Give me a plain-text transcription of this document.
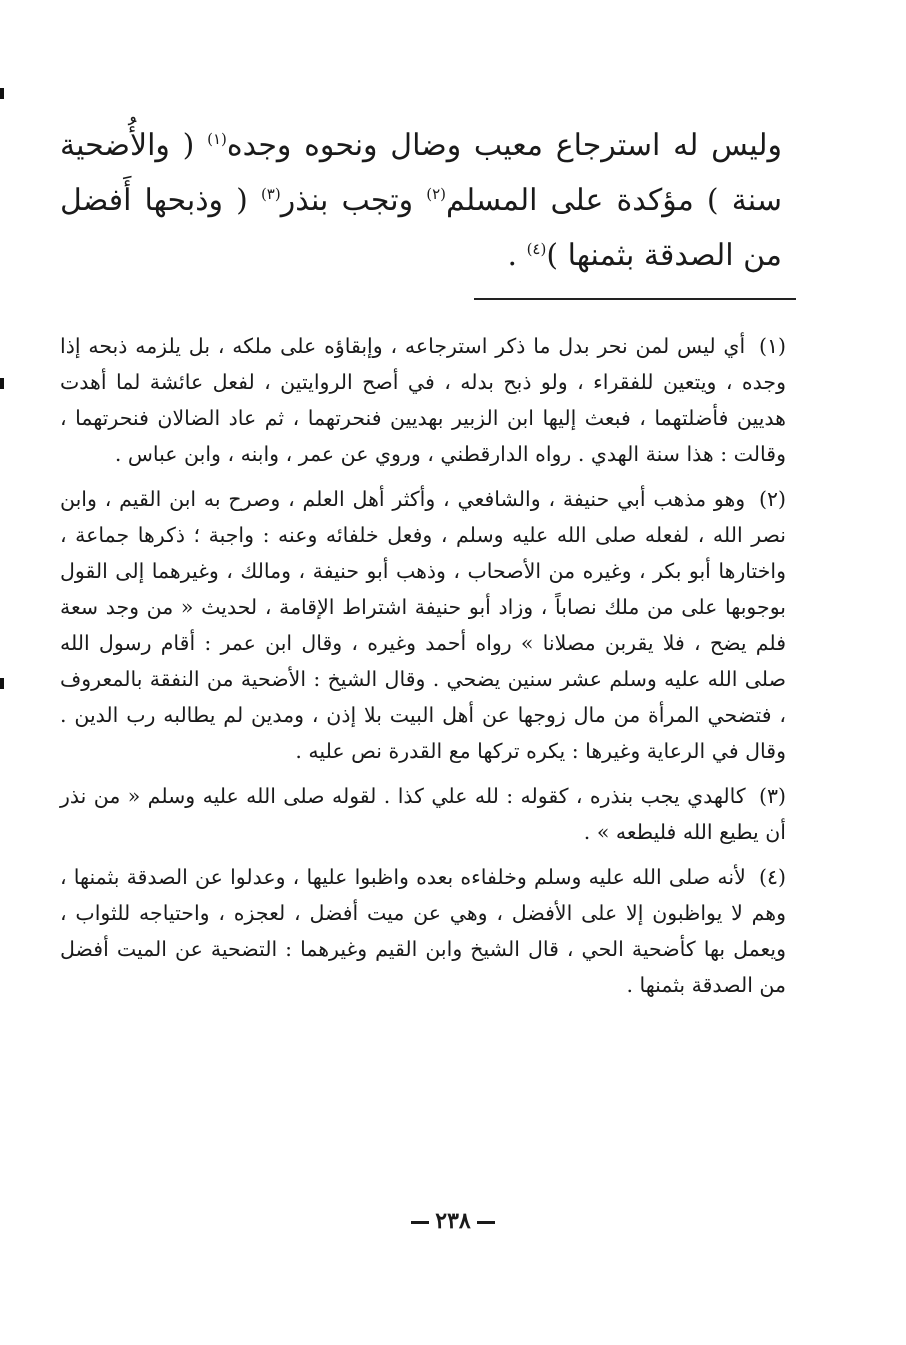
وليس له استرجاع معيب وضال ونحوه وجده$^{(١)}$ ( والأُضحية سنة ) مؤكدة على المسلم$^{(٢)}$ وتجب بنذر$^{(٣)}$ ( وذبحها أَفضل من الصدقة بثمنها )$^{(٤)}$ .

(١) أي ليس لمن نحر بدل ما ذكر استرجاعه ، وإبقاؤه على ملكه ، بل يلزمه ذبحه إذا وجده ، ويتعين للفقراء ، ولو ذبح بدله ، في أصح الروايتين ، لفعل عائشة لما أهدت هديين فأضلتهما ، فبعث إليها ابن الزبير بهديين فنحرتهما ، ثم عاد الضالان فنحرتهما ، وقالت : هذا سنة الهدي . رواه الدارقطني ، وروي عن عمر ، وابنه ، وابن عباس .

(٢) وهو مذهب أبي حنيفة ، والشافعي ، وأكثر أهل العلم ، وصرح به ابن القيم ، وابن نصر الله ، لفعله صلى الله عليه وسلم ، وفعل خلفائه وعنه : واجبة ؛ ذكرها جماعة ، واختارها أبو بكر ، وغيره من الأصحاب ، وذهب أبو حنيفة ، ومالك ، وغيرهما إلى القول بوجوبها على من ملك نصاباً ، وزاد أبو حنيفة اشتراط الإقامة ، لحديث « من وجد سعة فلم يضح ، فلا يقربن مصلانا » رواه أحمد وغيره ، وقال ابن عمر : أقام رسول الله صلى الله عليه وسلم عشر سنين يضحي . وقال الشيخ : الأضحية من النفقة بالمعروف ، فتضحي المرأة من مال زوجها عن أهل البيت بلا إذن ، ومدين لم يطالبه رب الدين . وقال في الرعاية وغيرها : يكره تركها مع القدرة نص عليه .

(٣) كالهدي يجب بنذره ، كقوله : لله علي كذا . لقوله صلى الله عليه وسلم « من نذر أن يطيع الله فليطعه » .

(٤) لأنه صلى الله عليه وسلم وخلفاءه بعده واظبوا عليها ، وعدلوا عن الصدقة بثمنها ، وهم لا يواظبون إلا على الأفضل ، وهي عن ميت أفضل ، لعجزه ، واحتياجه للثواب ، ويعمل بها كأضحية الحي ، قال الشيخ وابن القيم وغيرهما : التضحية عن الميت أفضل من الصدقة بثمنها .

٢٣٨
